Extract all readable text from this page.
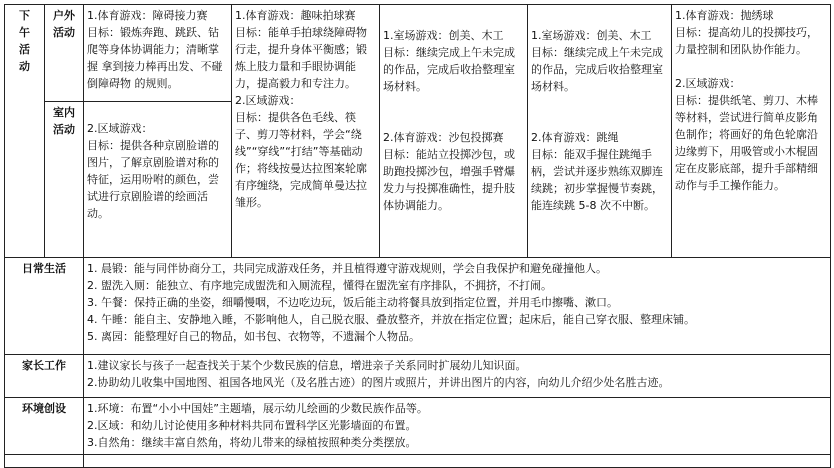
下午活动	户外活动	1.体育游戏：障碍接力赛
目标：锻炼奔跑、跳跃、钻爬等身体协调能力；清晰掌握 拿到接力棒再出发、不碰倒障碍物 的规则。	1.体育游戏：趣味拍球赛
目标：能单手拍球绕障碍物行走，提升身体平衡感；锻炼上肢力量和手眼协调能力，提高毅力和专注力。
2.区域游戏：
目标：提供各色毛线、筷子、剪刀等材料，学会“绕线”“穿线”“打结”等基础动作；将线按曼达拉图案轮廓有序缠绕，完成简单曼达拉雏形。	1.室场游戏：创美、木工
目标：继续完成上午未完成的作品，完成后收拾整理室场材料。

2.体育游戏：沙包投掷赛
目标：能站立投掷沙包，或助跑投掷沙包，增强手臂爆发力与投掷准确性，提升肢体协调能力。	1.室场游戏：创美、木工
目标：继续完成上午未完成的作品，完成后收拾整理室场材料。

2.体育游戏：跳绳
目标：能双手握住跳绳手柄，尝试并逐步熟练双脚连续跳；初步掌握慢节奏跳，能连续跳 5-8 次不中断。	1.体育游戏：抛绣球
目标：提高幼儿的投掷技巧，力量控制和团队协作能力。

2.区域游戏：
目标：提供纸笔、剪刀、木棒等材料，尝试进行简单皮影角色制作；将画好的角色轮廓沿边缘剪下，用吸管或小木棍固定在皮影底部，提升手部精细动作与手工操作能力。
	室内活动	2.区域游戏：
目标：提供各种京剧脸谱的图片，了解京剧脸谱对称的特征，运用吩咐的颜色，尝试进行京剧脸谱的绘画活动。				
日常生活		1. 晨锻：能与同伴协商分工，共同完成游戏任务，并且植得遵守游戏规则，学会自我保护和避免碰撞他人。
2. 盥洗入厕：能独立、有序地完成盥洗和入厕流程，懂得在盥洗室有序排队，不拥挤，不打闹。
3. 午餐：保持正确的坐姿，细嚼慢咽，不边吃边玩，饭后能主动将餐具放到指定位置，并用毛巾擦嘴、漱口。
4. 午睡：能自主、安静地入睡，不影响他人，自己脱衣服、叠放整齐，并放在指定位置；起床后，能自己穿衣服、整理床铺。
5. 离园：能整理好自己的物品，如书包、衣物等，不遗漏个人物品。				

家长工作		1.建议家长与孩子一起查找关于某个少数民族的信息，增进亲子关系同时扩展幼儿知识面。
2.协助幼儿收集中国地图、祖国各地风光（及名胜古迹）的图片或照片，并讲出图片的内容，向幼儿介绍少处名胜古迹。				

环境创设		1.环境：布置“小小中国娃”主题墙，展示幼儿绘画的少数民族作品等。
2.区域：和幼儿讨论使用多种材料共同布置科学区光影墙面的布置。
3.自然角：继续丰富自然角，将幼儿带来的绿植按照种类分类摆放。				
